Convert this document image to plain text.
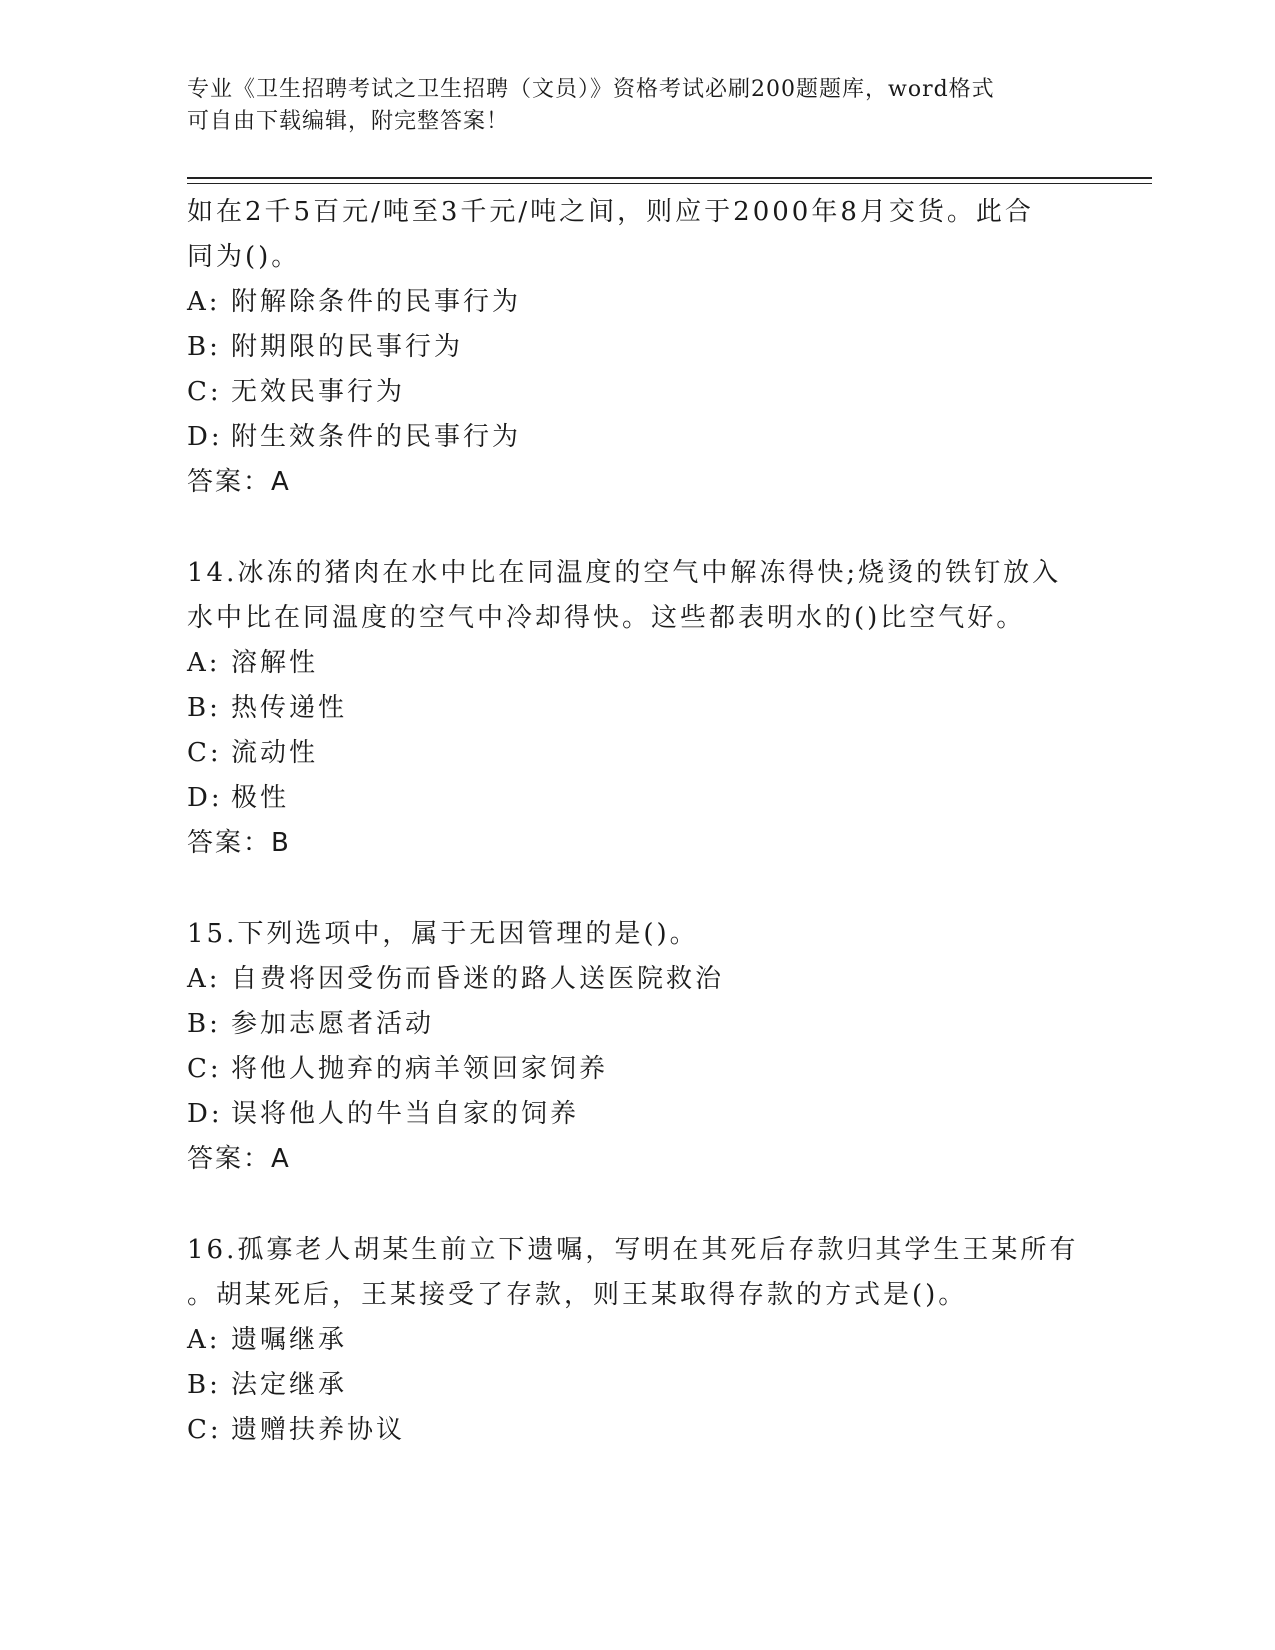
专业《卫生招聘考试之卫生招聘（文员）》资格考试必刷200题题库，word格式
可自由下载编辑，附完整答案！

如在2千5百元/吨至3千元/吨之间，则应于2000年8月交货。此合

同为()。

A: 附解除条件的民事行为

B: 附期限的民事行为

C: 无效民事行为

D: 附生效条件的民事行为

答案：A

14.冰冻的猪肉在水中比在同温度的空气中解冻得快;烧烫的铁钉放入

水中比在同温度的空气中冷却得快。这些都表明水的()比空气好。

A: 溶解性

B: 热传递性

C: 流动性

D: 极性

答案：B

15.下列选项中，属于无因管理的是()。

A: 自费将因受伤而昏迷的路人送医院救治

B: 参加志愿者活动

C: 将他人抛弃的病羊领回家饲养

D: 误将他人的牛当自家的饲养

答案：A

16.孤寡老人胡某生前立下遗嘱，写明在其死后存款归其学生王某所有

。胡某死后，王某接受了存款，则王某取得存款的方式是()。

A: 遗嘱继承

B: 法定继承

C: 遗赠扶养协议
